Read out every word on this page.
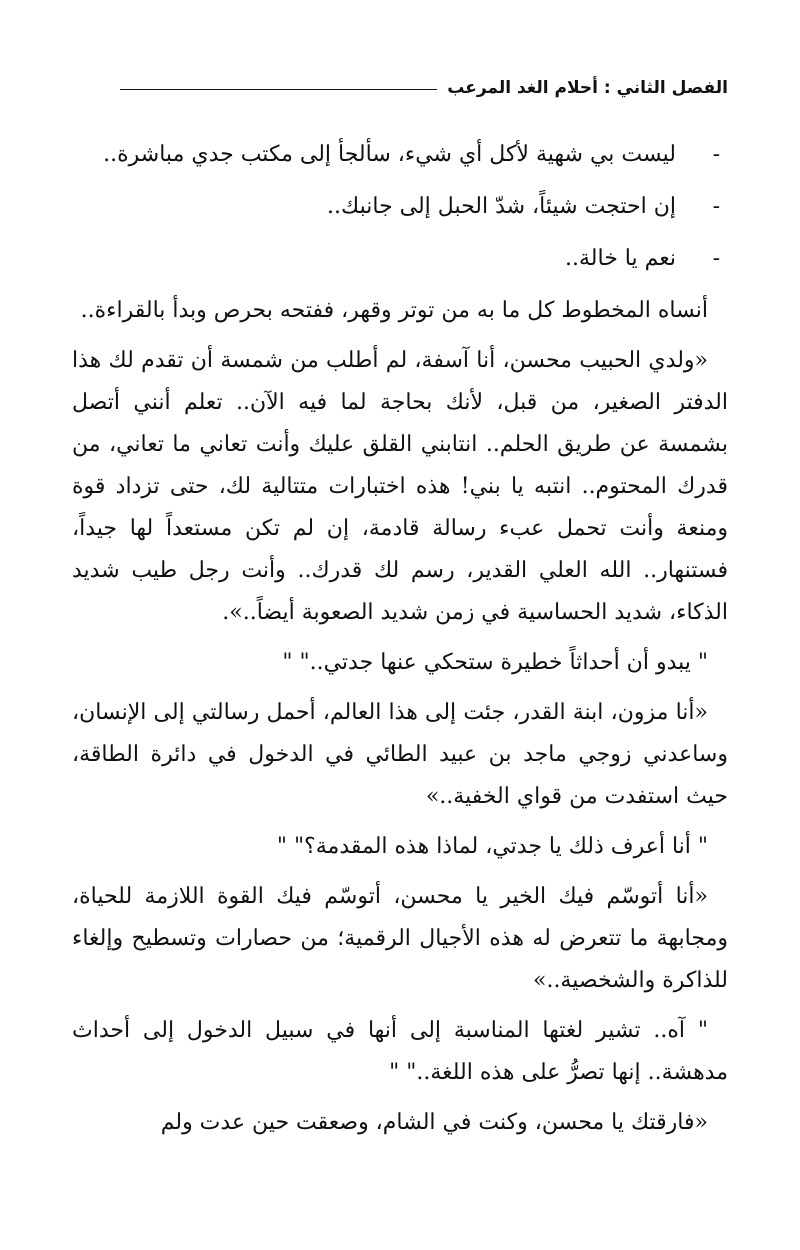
الفصل الثاني : أحلام الغد المرعب
-
ليست بي شهية لأكل أي شيء، سألجأ إلى مكتب جدي مباشرة..
-
إن احتجت شيئاً، شدّ الحبل إلى جانبك..
-
نعم يا خالة..

أنساه المخطوط كل ما به من توتر وقهر، ففتحه بحرص وبدأ بالقراءة..

«ولدي الحبيب محسن، أنا آسفة، لم أطلب من شمسة أن تقدم لك هذا الدفتر الصغير، من قبل، لأنك بحاجة لما فيه الآن.. تعلم أنني أتصل بشمسة عن طريق الحلم.. انتابني القلق عليك وأنت تعاني ما تعاني، من قدرك المحتوم.. انتبه يا بني! هذه اختبارات متتالية لك، حتى تزداد قوة ومنعة وأنت تحمل عبء رسالة قادمة، إن لم تكن مستعداً لها جيداً، فستنهار.. الله العلي القدير، رسم لك قدرك.. وأنت رجل طيب شديد الذكاء، شديد الحساسية في زمن شديد الصعوبة أيضاً..».

" يبدو أن أحداثاً خطيرة ستحكي عنها جدتي.." "

«أنا مزون، ابنة القدر، جئت إلى هذا العالم، أحمل رسالتي إلى الإنسان، وساعدني زوجي ماجد بن عبيد الطائي في الدخول في دائرة الطاقة، حيث استفدت من قواي الخفية..»

" أنا أعرف ذلك يا جدتي، لماذا هذه المقدمة؟" "

«أنا أتوسّم فيك الخير يا محسن، أتوسّم فيك القوة اللازمة للحياة، ومجابهة ما تتعرض له هذه الأجيال الرقمية؛ من حصارات وتسطيح وإلغاء للذاكرة والشخصية..»

" آه.. تشير لغتها المناسبة إلى أنها في سبيل الدخول إلى أحداث مدهشة.. إنها تصرُّ على هذه اللغة.." "

«فارقتك يا محسن، وكنت في الشام، وصعقت حين عدت ولم
